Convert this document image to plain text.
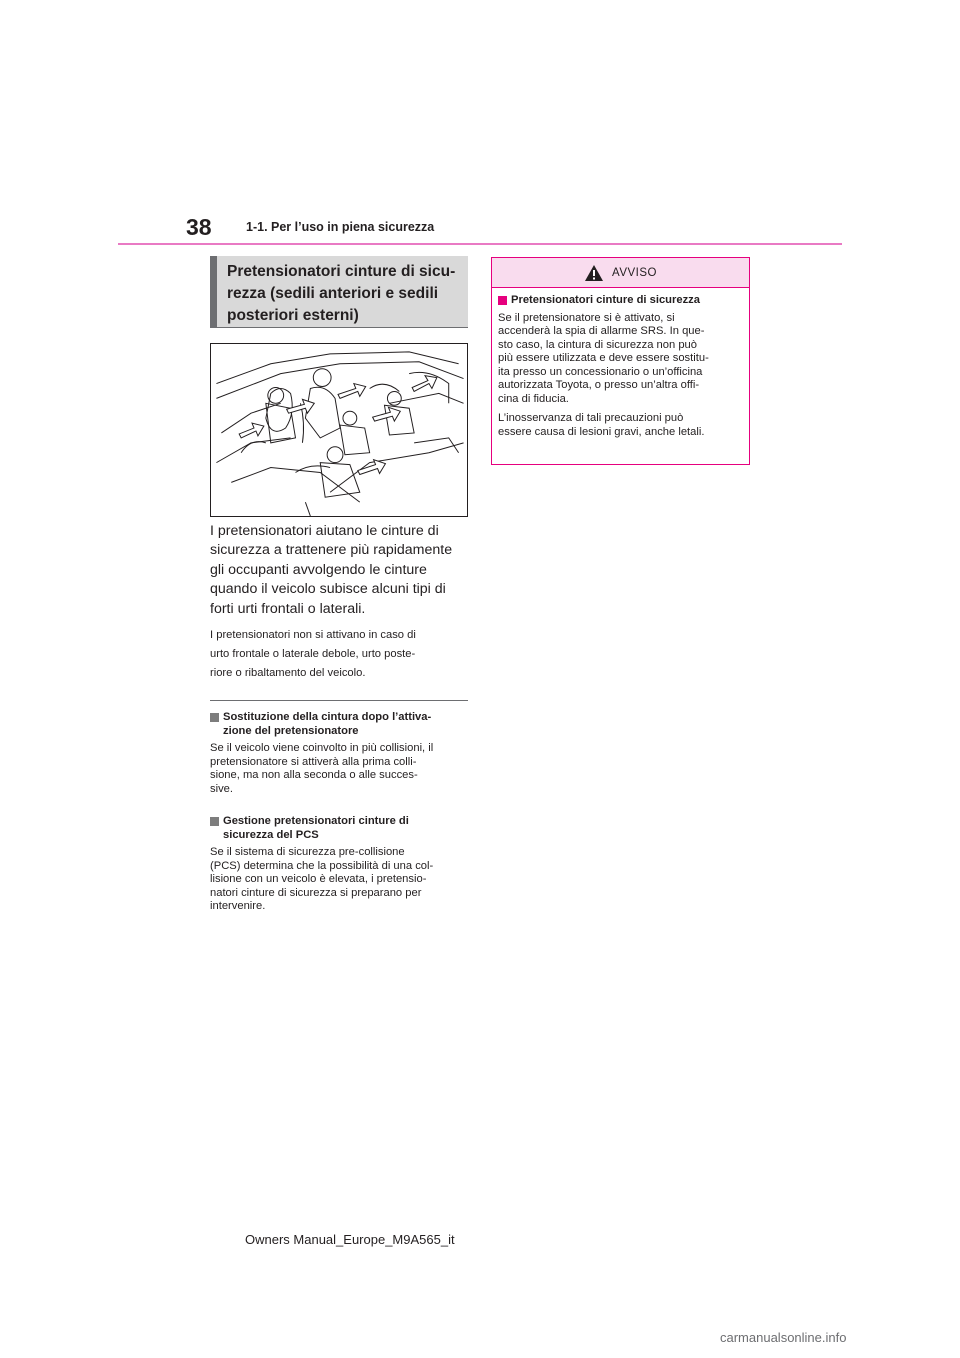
38	1-1. Per l’uso in piena sicurezza
Pretensionatori cinture di sicu-
rezza (sedili anteriori e sedili
posteriori esterni)
I pretensionatori aiutano le cinture di
sicurezza a trattenere più rapidamente
gli occupanti avvolgendo le cinture
quando il veicolo subisce alcuni tipi di
forti urti frontali o laterali.
I pretensionatori non si attivano in caso di
urto frontale o laterale debole, urto poste-
riore o ribaltamento del veicolo.
Sostituzione della cintura dopo l’attiva-
zione del pretensionatore
Se il veicolo viene coinvolto in più collisioni, il
pretensionatore si attiverà alla prima colli-
sione, ma non alla seconda o alle succes-
sive.
Gestione pretensionatori cinture di
sicurezza del PCS
Se il sistema di sicurezza pre-collisione
(PCS) determina che la possibilità di una col-
lisione con un veicolo è elevata, i pretensio-
natori cinture di sicurezza si preparano per
intervenire.
AVVISO
Pretensionatori cinture di sicurezza
Se il pretensionatore si è attivato, si
accenderà la spia di allarme SRS. In que-
sto caso, la cintura di sicurezza non può
più essere utilizzata e deve essere sostitu-
ita presso un concessionario o un’officina
autorizzata Toyota, o presso un’altra offi-
cina di fiducia.
L’inosservanza di tali precauzioni può
essere causa di lesioni gravi, anche letali.
Owners Manual_Europe_M9A565_it
carmanualsonline.info
